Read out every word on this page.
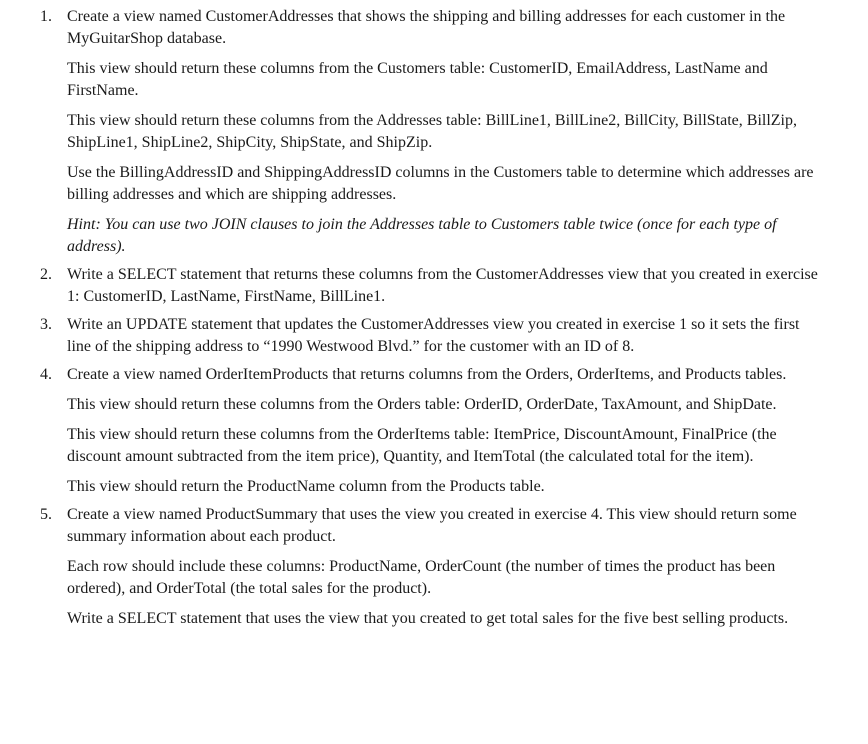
1. Create a view named CustomerAddresses that shows the shipping and billing addresses for each customer in the MyGuitarShop database.

This view should return these columns from the Customers table: CustomerID, EmailAddress, LastName and FirstName.

This view should return these columns from the Addresses table: BillLine1, BillLine2, BillCity, BillState, BillZip, ShipLine1, ShipLine2, ShipCity, ShipState, and ShipZip.

Use the BillingAddressID and ShippingAddressID columns in the Customers table to determine which addresses are billing addresses and which are shipping addresses.

Hint: You can use two JOIN clauses to join the Addresses table to Customers table twice (once for each type of address).

2. Write a SELECT statement that returns these columns from the CustomerAddresses view that you created in exercise 1: CustomerID, LastName, FirstName, BillLine1.

3. Write an UPDATE statement that updates the CustomerAddresses view you created in exercise 1 so it sets the first line of the shipping address to “1990 Westwood Blvd.” for the customer with an ID of 8.

4. Create a view named OrderItemProducts that returns columns from the Orders, OrderItems, and Products tables.

This view should return these columns from the Orders table: OrderID, OrderDate, TaxAmount, and ShipDate.

This view should return these columns from the OrderItems table: ItemPrice, DiscountAmount, FinalPrice (the discount amount subtracted from the item price), Quantity, and ItemTotal (the calculated total for the item).

This view should return the ProductName column from the Products table.

5. Create a view named ProductSummary that uses the view you created in exercise 4. This view should return some summary information about each product.

Each row should include these columns: ProductName, OrderCount (the number of times the product has been ordered), and OrderTotal (the total sales for the product).

Write a SELECT statement that uses the view that you created to get total sales for the five best selling products.
